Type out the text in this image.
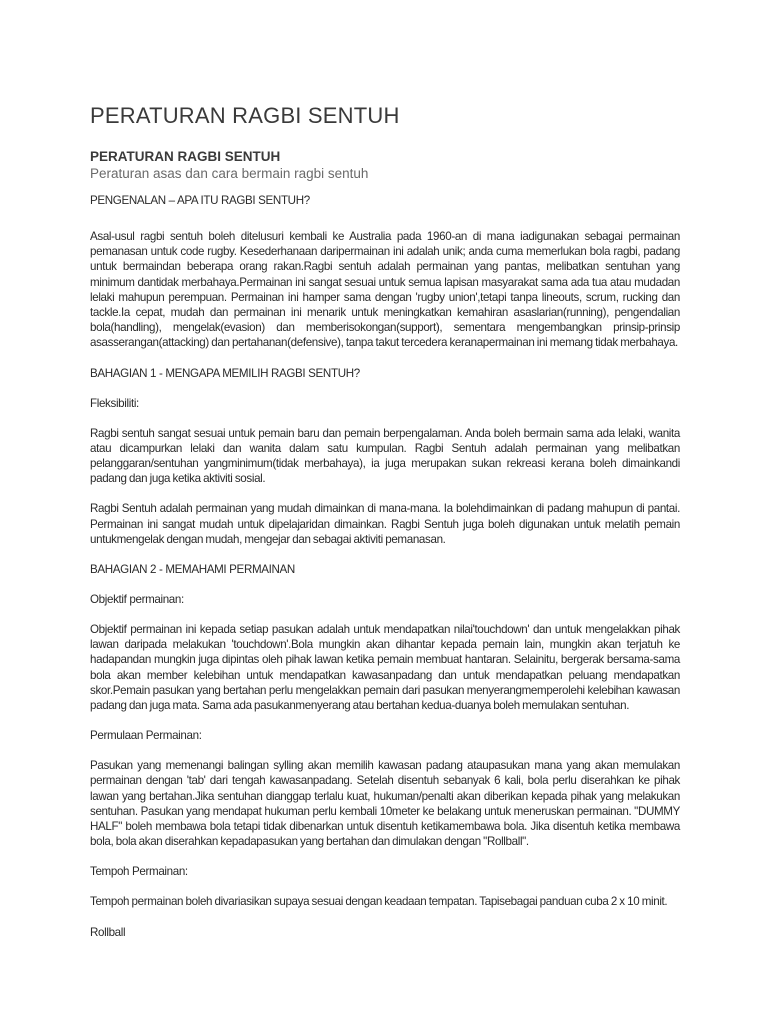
PERATURAN RAGBI SENTUH

PERATURAN RAGBI SENTUH

Peraturan asas dan cara bermain ragbi sentuh

PENGENALAN – APA ITU RAGBI SENTUH?

Asal-usul ragbi sentuh boleh ditelusuri kembali ke Australia pada 1960-an di mana iadigunakan sebagai permainan pemanasan untuk code rugby. Kesederhanaan daripermainan ini adalah unik; anda cuma memerlukan bola ragbi, padang untuk bermaindan beberapa orang rakan.Ragbi sentuh adalah permainan yang pantas, melibatkan sentuhan yang minimum dantidak merbahaya.Permainan ini sangat sesuai untuk semua lapisan masyarakat sama ada tua atau mudadan lelaki mahupun perempuan. Permainan ini hamper sama dengan 'rugby union',tetapi tanpa lineouts, scrum, rucking dan tackle.Ia cepat, mudah dan permainan ini menarik untuk meningkatkan kemahiran asaslarian(running), pengendalian bola(handling), mengelak(evasion) dan memberisokongan(support), sementara mengembangkan prinsip-prinsip asasserangan(attacking) dan pertahanan(defensive), tanpa takut tercedera keranapermainan ini memang tidak merbahaya.

BAHAGIAN 1 - MENGAPA MEMILIH RAGBI SENTUH?

Fleksibiliti:

Ragbi sentuh sangat sesuai untuk pemain baru dan pemain berpengalaman. Anda boleh bermain sama ada lelaki, wanita atau dicampurkan lelaki dan wanita dalam satu kumpulan. Ragbi Sentuh adalah permainan yang melibatkan pelanggaran/sentuhan yangminimum(tidak merbahaya), ia juga merupakan sukan rekreasi kerana boleh dimainkandi padang dan juga ketika aktiviti sosial.

Ragbi Sentuh adalah permainan yang mudah dimainkan di mana-mana. Ia bolehdimainkan di padang mahupun di pantai. Permainan ini sangat mudah untuk dipelajaridan dimainkan. Ragbi Sentuh juga boleh digunakan untuk melatih pemain untukmengelak dengan mudah, mengejar dan sebagai aktiviti pemanasan.

BAHAGIAN 2 - MEMAHAMI PERMAINAN

Objektif permainan:

Objektif permainan ini kepada setiap pasukan adalah untuk mendapatkan nilai'touchdown' dan untuk mengelakkan pihak lawan daripada melakukan 'touchdown'.Bola mungkin akan dihantar kepada pemain lain, mungkin akan terjatuh ke hadapandan mungkin juga dipintas oleh pihak lawan ketika pemain membuat hantaran. Selainitu, bergerak bersama-sama bola akan member kelebihan untuk mendapatkan kawasanpadang dan untuk mendapatkan peluang mendapatkan skor.Pemain pasukan yang bertahan perlu mengelakkan pemain dari pasukan menyerangmemperolehi kelebihan kawasan padang dan juga mata. Sama ada pasukanmenyerang atau bertahan kedua-duanya boleh memulakan sentuhan.

Permulaan Permainan:

Pasukan yang memenangi balingan sylling akan memilih kawasan padang ataupasukan mana yang akan memulakan permainan dengan 'tab' dari tengah kawasanpadang. Setelah disentuh sebanyak 6 kali, bola perlu diserahkan ke pihak lawan yang bertahan.Jika sentuhan dianggap terlalu kuat, hukuman/penalti akan diberikan kepada pihak yang melakukan sentuhan. Pasukan yang mendapat hukuman perlu kembali 10meter ke belakang untuk meneruskan permainan. "DUMMY HALF" boleh membawa bola tetapi tidak dibenarkan untuk disentuh ketikamembawa bola. Jika disentuh ketika membawa bola, bola akan diserahkan kepadapasukan yang bertahan dan dimulakan dengan "Rollball".

Tempoh Permainan:

Tempoh permainan boleh divariasikan supaya sesuai dengan keadaan tempatan. Tapisebagai panduan cuba 2 x 10 minit.

Rollball
